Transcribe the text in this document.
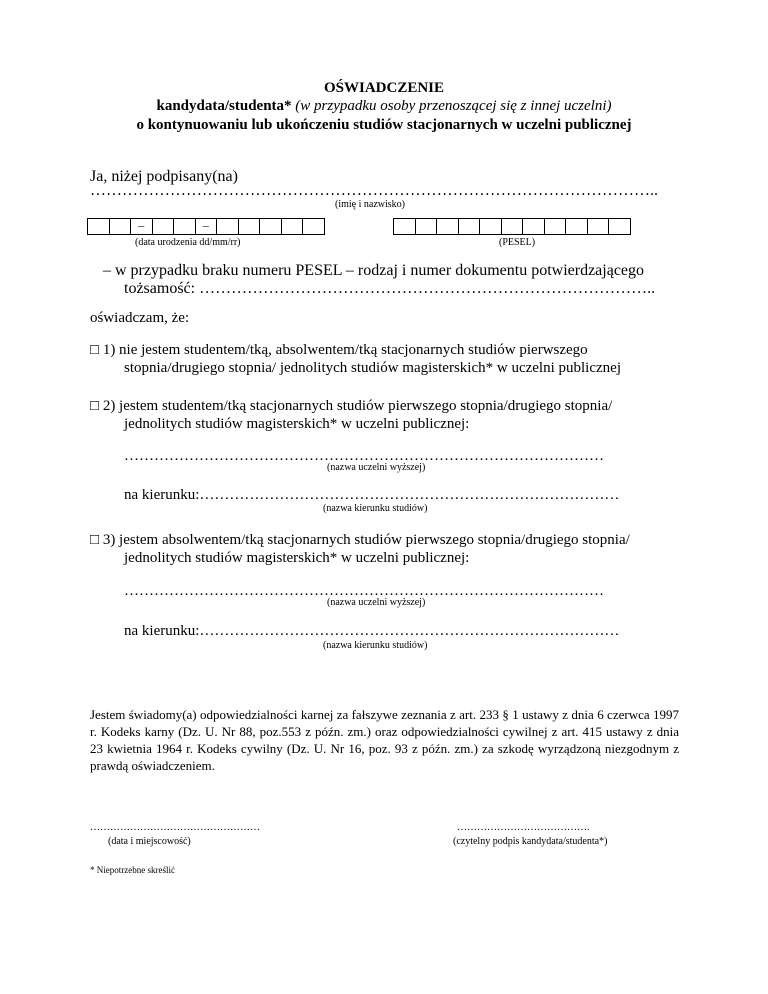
OŚWIADCZENIE
kandydata/studenta* (w przypadku osoby przenoszącej się z innej uczelni)
o kontynuowaniu lub ukończeniu studiów stacjonarnych w uczelni publicznej
Ja, niżej podpisany(na)
……………………………………………………………………………………………..
(imię i nazwisko)
–	–
(data urodzenia dd/mm/rr)	(PESEL)
– w przypadku braku numeru PESEL – rodzaj i numer dokumentu potwierdzającego
tożsamość: …………………………………………………………………………..
oświadczam, że:
□ 1) nie jestem studentem/tką, absolwentem/tką stacjonarnych studiów pierwszego
stopnia/drugiego stopnia/ jednolitych studiów magisterskich* w uczelni publicznej
□ 2) jestem studentem/tką stacjonarnych studiów pierwszego stopnia/drugiego stopnia/
jednolitych studiów magisterskich* w uczelni publicznej:
……………………………………………………………………………………
(nazwa uczelni wyższej)
na kierunku:…………………………………………………………………………
(nazwa kierunku studiów)
□ 3) jestem absolwentem/tką stacjonarnych studiów pierwszego stopnia/drugiego stopnia/
jednolitych studiów magisterskich* w uczelni publicznej:
……………………………………………………………………………………
(nazwa uczelni wyższej)
na kierunku:…………………………………………………………………………
(nazwa kierunku studiów)
Jestem świadomy(a) odpowiedzialności karnej za fałszywe zeznania z art. 233 § 1 ustawy z dnia 6 czerwca 1997 r. Kodeks karny (Dz. U. Nr 88, poz.553 z późn. zm.) oraz odpowiedzialności cywilnej z art. 415 ustawy z dnia 23 kwietnia 1964 r. Kodeks cywilny (Dz. U. Nr 16, poz. 93 z późn. zm.) za szkodę wyrządzoną niezgodnym z prawdą oświadczeniem.
……………………………………………
(data i miejscowość)
………………………………….
(czytelny podpis kandydata/studenta*)
* Niepotrzebne skreślić
